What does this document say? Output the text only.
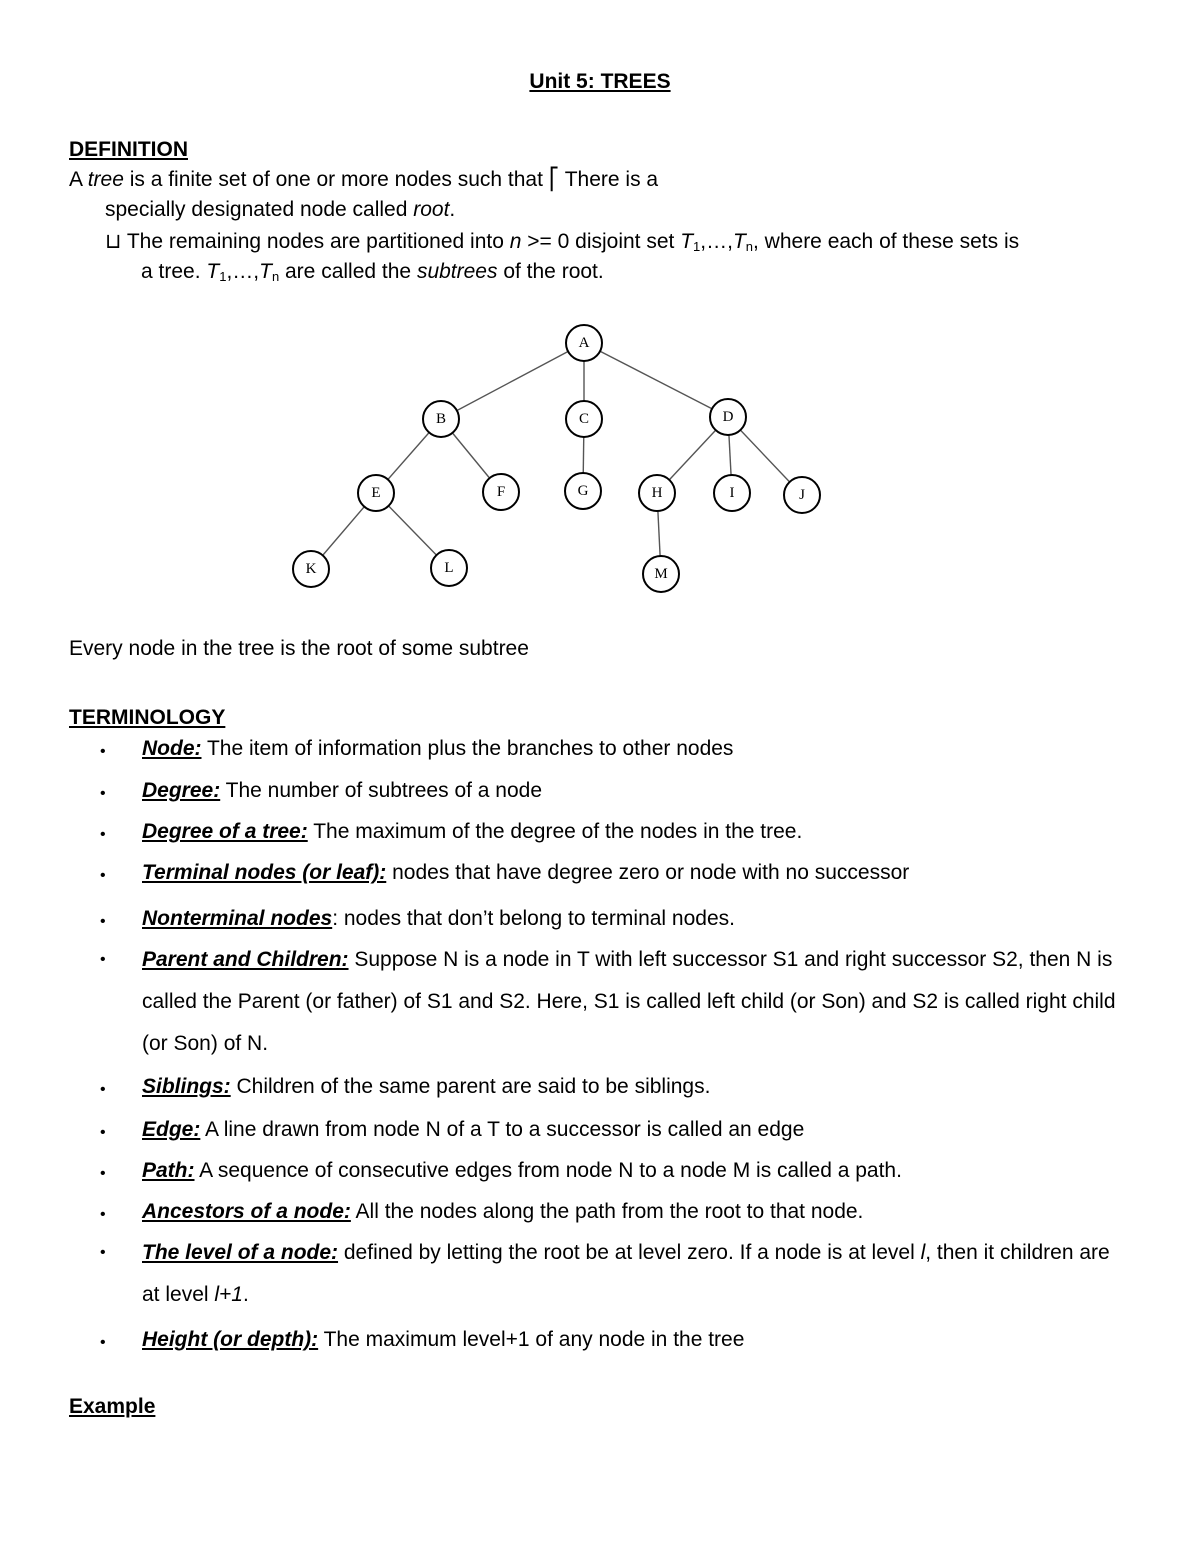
Unit 5: TREES
DEFINITION
A tree is a finite set of one or more nodes such that ⎡ There is a
specially designated node called root.
⊔ The remaining nodes are partitioned into n >= 0 disjoint set $T_1,\dots,T_n$, where each of these sets is
a tree. $T_1,\dots,T_n$ are called the subtrees of the root.
A
B	C	D
E	F	G	H	I	J
K	L	M
Every node in the tree is the root of some subtree
TERMINOLOGY
• Node: The item of information plus the branches to other nodes
• Degree: The number of subtrees of a node
• Degree of a tree: The maximum of the degree of the nodes in the tree.
• Terminal nodes (or leaf): nodes that have degree zero or node with no successor
• Nonterminal nodes: nodes that don’t belong to terminal nodes.
• Parent and Children: Suppose N is a node in T with left successor S1 and right successor S2, then N is called the Parent (or father) of S1 and S2. Here, S1 is called left child (or Son) and S2 is called right child (or Son) of N.
• Siblings: Children of the same parent are said to be siblings.
• Edge: A line drawn from node N of a T to a successor is called an edge
• Path: A sequence of consecutive edges from node N to a node M is called a path.
• Ancestors of a node: All the nodes along the path from the root to that node.
• The level of a node: defined by letting the root be at level zero. If a node is at level l, then it children are at level l+1.
• Height (or depth): The maximum level+1 of any node in the tree
Example
